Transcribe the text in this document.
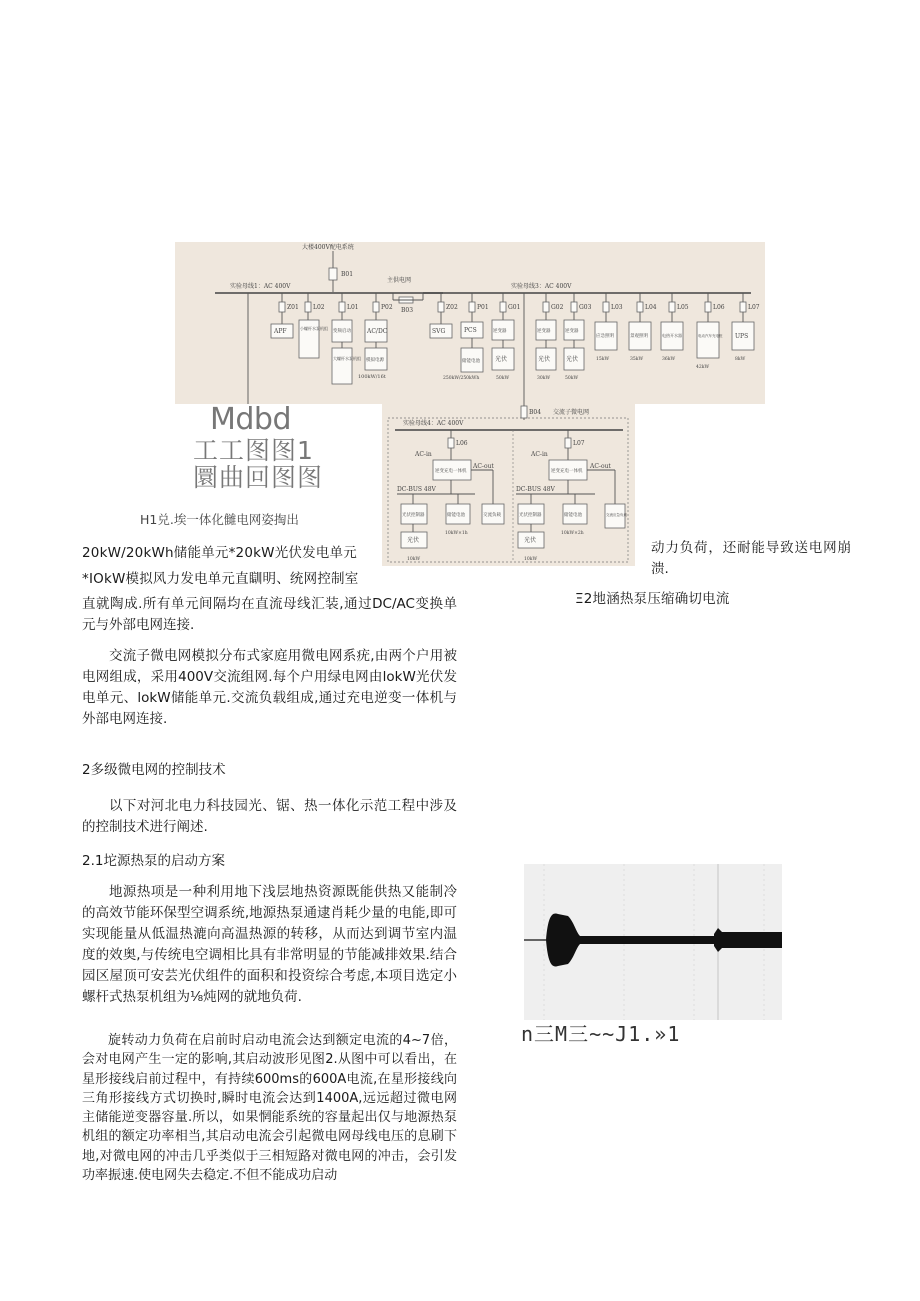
大楼400V配电系统
B01
实验母线1：AC 400V	实验母线3：AC 400V
主供电网
B03
Z01
APF
L02
小螺杆水泵机组
L01
变频启动
大螺杆水泵机组
P02
AC/DC
模拟电源
100kW/16t
Z02
SVG
P01
PCS
储能电池
250kW/250kWh
G01
逆变器
光伏
50kW
G02
逆变器
光伏
30kW
G03
逆变器
光伏
50kW
L03
应急照明
15kW
L04
景观照明
35kW
L05
电热开水器
36kW
L06
电动汽车充电桩
42kW
L07
UPS
8kW
B04 交流子微电网
实验母线4：AC 400V
L06
AC-in
AC-out
逆变充电一体机
DC-BUS 48V
光伏控制器	储能电池
10kW×1h
交流负载
光伏
10kW
L07
AC-in
AC-out
逆变充电一体机
DC-BUS 48V
光伏控制器	储能电池
10kW×2h
交流应急负载
光伏
10kW
Mdbd
工工图图1
圜曲回图图
H1兑.埃一体化雠电网姿掏出
20kW/20kWh储能单元*20kW光伏发电单元
*IOkW模拟风力发电单元直瞓明、统网控制室

直就陶成.所有单元间隔均在直流母线汇装,通过DC/AC变换单元与外部电网连接.

交流子微电网模拟分布式家庭用微电网系疣,由两个户用被电网组成，采用400V交流组网.每个户用绿电网由lokW光伏发电单元、lokW储能单元.交流负载组成,通过充电逆变一体机与外部电网连接.

2多级微电网的控制技术

以下对河北电力科技园光、锯、热一体化示范工程中涉及的控制技术进行阐述.

2.1坨源热泵的启动方案

地源热项是一种利用地下浅层地热资源既能供热又能制冷的高效节能环保型空调系统,地源热泵通逮肖耗少量的电能,即可实现能量从低温热漉向高温热源的转移，从而达到调节室内温度的效奥,与传统电空调相比具有非常明显的节能减排效果.结合园区屋顶可安芸光伏组件的面积和投资综合考虑,本项目选定小螺杆式热泵机组为⅛炖网的就地负荷.

旋转动力负荷在启前时启动电流会达到额定电流的4~7倍，会对电网产生一定的影响,其启动波形见图2.从图中可以看出，在星形接线启前过程中，有持续600ms的600A电流,在星形接线向三角形接线方式切换时,瞬时电流会达到1400A,远远超过微电网主储能逆变器容量.所以，如果惘能系统的容量起出仅与地源热泵机组的额定功率相当,其启动电流会引起微电网母线电压的息刷下地,对微电网的冲击几乎类似于三相短路对微电网的冲击，会引发功率振速.使电网失去稳定.不但不能成功启动

动力负荷，还耐能导致送电网崩溃.

Ξ2地涵热泵压缩确切电流
n三M三~~J1.»1
